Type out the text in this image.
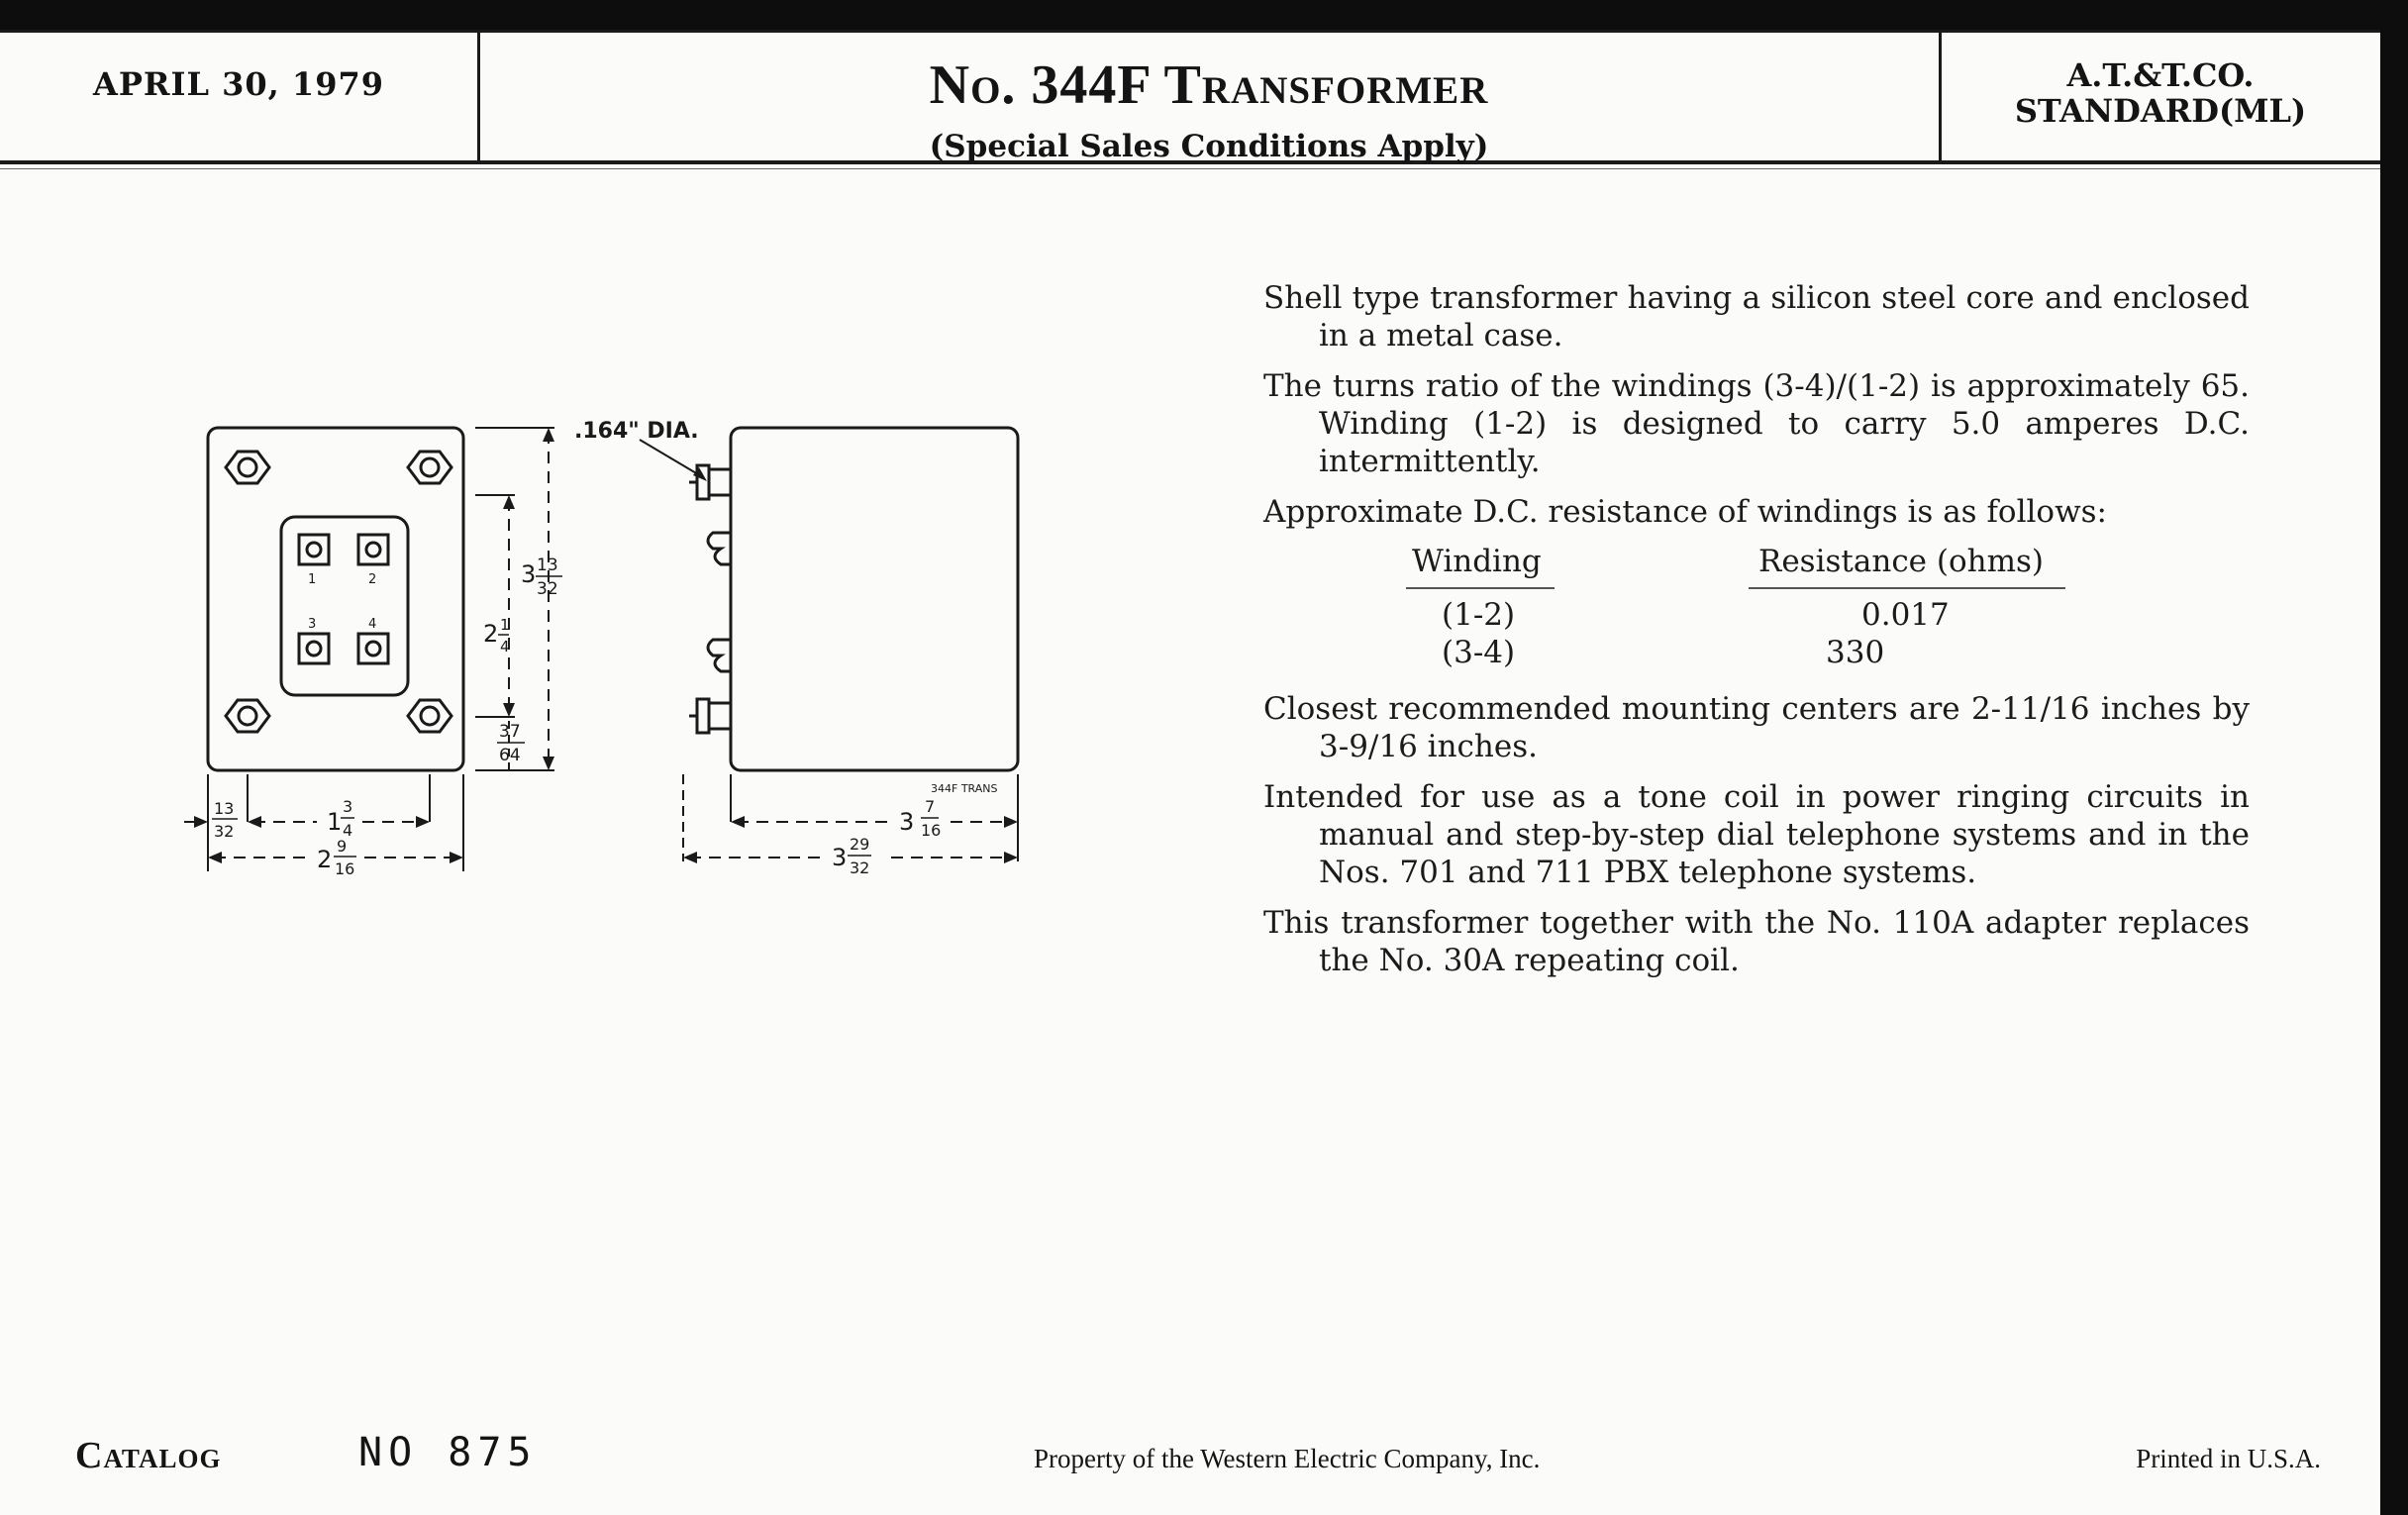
APRIL 30, 1979	No. 344F Transformer
(Special Sales Conditions Apply)
A.T.&T.CO.
STANDARD(ML)
1	2
3	4
3 13
32
2 1
4
37
64
13
32	1
3
4
2 9
16
.164" DIA.
344F TRANS
3
7
16
3 29
32

Shell type transformer having a silicon steel core and enclosed in a metal case.

The turns ratio of the windings (3-4)/(1-2) is approximately 65. Winding (1-2) is designed to carry 5.0 amperes D.C. intermittently.

Approximate D.C. resistance of windings is as follows:

Winding	Resistance (ohms)
(1-2)	0.017
(3-4)	330

Closest recommended mounting centers are 2-11/16 inches by 3-9/16 inches.

Intended for use as a tone coil in power ringing circuits in manual and step-by-step dial telephone systems and in the Nos. 701 and 711 PBX telephone systems.

This transformer together with the No. 110A adapter replaces the No. 30A repeating coil.

Catalog	NO 875	Property of the Western Electric Company, Inc.	Printed in U.S.A.
